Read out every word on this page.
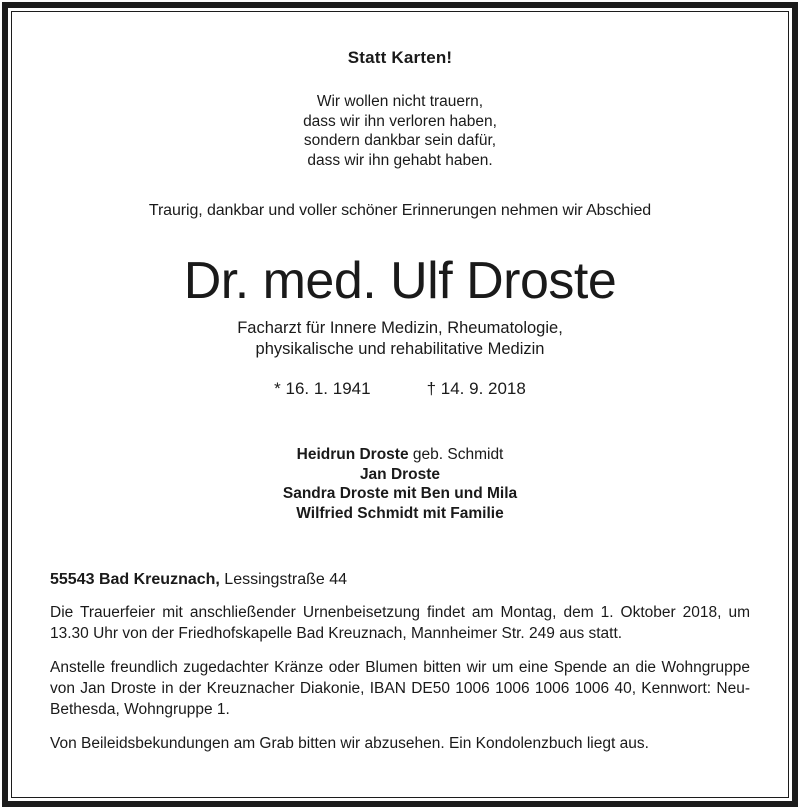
Statt Karten!
Wir wollen nicht trauern,
dass wir ihn verloren haben,
sondern dankbar sein dafür,
dass wir ihn gehabt haben.
Traurig, dankbar und voller schöner Erinnerungen nehmen wir Abschied
Dr. med. Ulf Droste
Facharzt für Innere Medizin, Rheumatologie,
physikalische und rehabilitative Medizin
* 16. 1. 1941	† 14. 9. 2018
Heidrun Droste geb. Schmidt
Jan Droste
Sandra Droste mit Ben und Mila
Wilfried Schmidt mit Familie
55543 Bad Kreuznach, Lessingstraße 44
Die Trauerfeier mit anschließender Urnenbeisetzung findet am Montag, dem 1. Oktober 2018, um 13.30 Uhr von der Friedhofskapelle Bad Kreuznach, Mannheimer Str. 249 aus statt.
Anstelle freundlich zugedachter Kränze oder Blumen bitten wir um eine Spende an die Wohngruppe von Jan Droste in der Kreuznacher Diakonie, IBAN DE50 1006 1006 1006 1006 40, Kennwort: Neu-Bethesda, Wohngruppe 1.
Von Beileidsbekundungen am Grab bitten wir abzusehen. Ein Kondolenzbuch liegt aus.
